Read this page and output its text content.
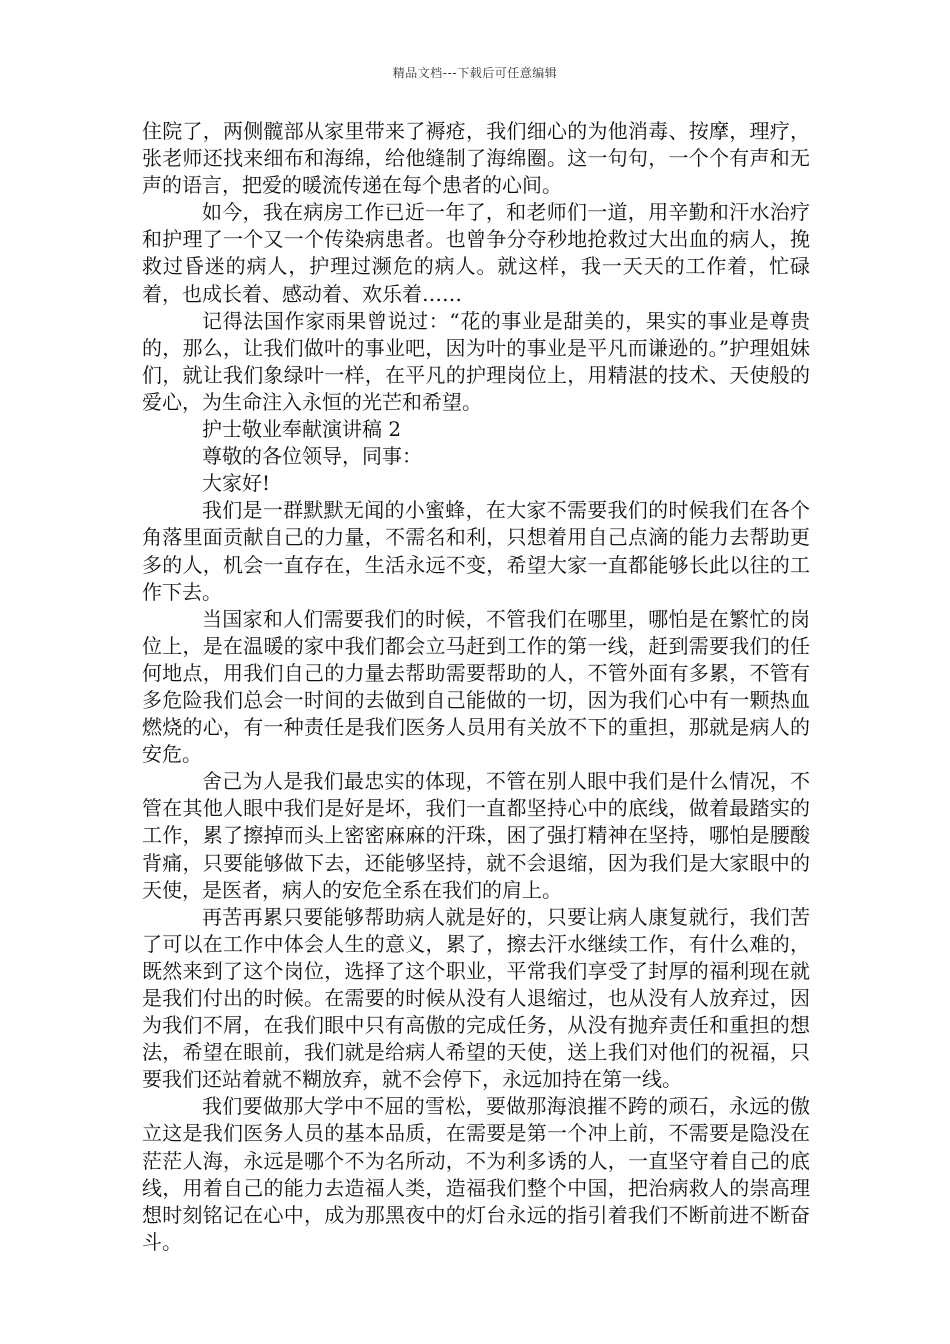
精品文档---下载后可任意编辑

住院了，两侧髋部从家里带来了褥疮，我们细心的为他消毒、按摩，理疗，张老师还找来细布和海绵，给他缝制了海绵圈。这一句句，一个个有声和无声的语言，把爱的暖流传递在每个患者的心间。

如今，我在病房工作已近一年了，和老师们一道，用辛勤和汗水治疗和护理了一个又一个传染病患者。也曾争分夺秒地抢救过大出血的病人，挽救过昏迷的病人，护理过濒危的病人。就这样，我一天天的工作着，忙碌着，也成长着、感动着、欢乐着……

记得法国作家雨果曾说过：“花的事业是甜美的，果实的事业是尊贵的，那么，让我们做叶的事业吧，因为叶的事业是平凡而谦逊的。”护理姐妹们，就让我们象绿叶一样，在平凡的护理岗位上，用精湛的技术、天使般的爱心，为生命注入永恒的光芒和希望。

护士敬业奉献演讲稿 2

尊敬的各位领导，同事：

大家好!

我们是一群默默无闻的小蜜蜂，在大家不需要我们的时候我们在各个角落里面贡献自己的力量，不需名和利，只想着用自己点滴的能力去帮助更多的人，机会一直存在，生活永远不变，希望大家一直都能够长此以往的工作下去。

当国家和人们需要我们的时候，不管我们在哪里，哪怕是在繁忙的岗位上，是在温暖的家中我们都会立马赶到工作的第一线，赶到需要我们的任何地点，用我们自己的力量去帮助需要帮助的人，不管外面有多累，不管有多危险我们总会一时间的去做到自己能做的一切，因为我们心中有一颗热血燃烧的心，有一种责任是我们医务人员用有关放不下的重担，那就是病人的安危。

舍己为人是我们最忠实的体现，不管在别人眼中我们是什么情况，不管在其他人眼中我们是好是坏，我们一直都坚持心中的底线，做着最踏实的工作，累了擦掉而头上密密麻麻的汗珠，困了强打精神在坚持，哪怕是腰酸背痛，只要能够做下去，还能够坚持，就不会退缩，因为我们是大家眼中的天使，是医者，病人的安危全系在我们的肩上。

再苦再累只要能够帮助病人就是好的，只要让病人康复就行，我们苦了可以在工作中体会人生的意义，累了，擦去汗水继续工作，有什么难的，既然来到了这个岗位，选择了这个职业，平常我们享受了封厚的福利现在就是我们付出的时候。在需要的时候从没有人退缩过，也从没有人放弃过，因为我们不屑，在我们眼中只有高傲的完成任务，从没有抛弃责任和重担的想法，希望在眼前，我们就是给病人希望的天使，送上我们对他们的祝福，只要我们还站着就不糊放弃，就不会停下，永远加持在第一线。

我们要做那大学中不屈的雪松，要做那海浪摧不跨的顽石，永远的傲立这是我们医务人员的基本品质，在需要是第一个冲上前，不需要是隐没在茫茫人海，永远是哪个不为名所动，不为利多诱的人，一直坚守着自己的底线，用着自己的能力去造福人类，造福我们整个中国，把治病救人的崇高理想时刻铭记在心中，成为那黑夜中的灯台永远的指引着我们不断前进不断奋斗。
